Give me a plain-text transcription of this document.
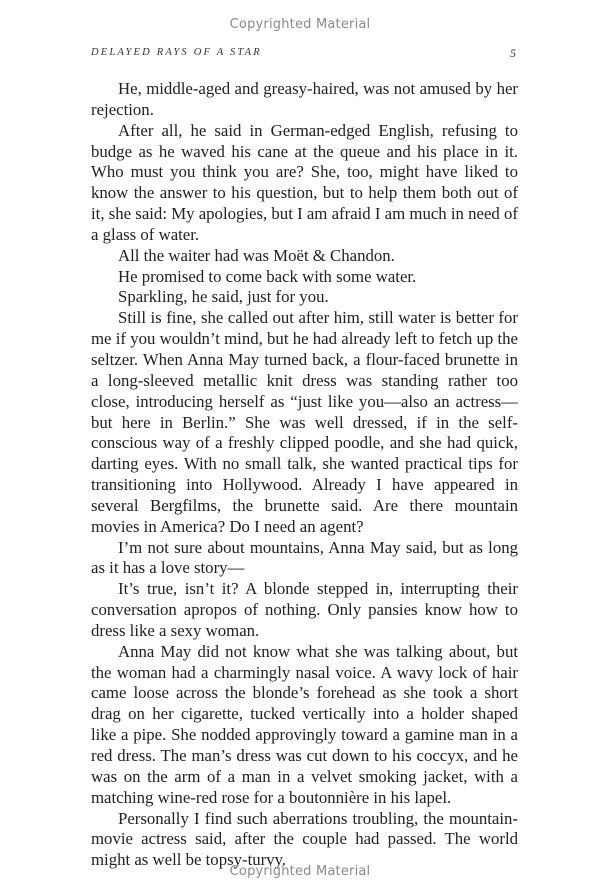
Copyrighted Material
DELAYED RAYS OF A STAR	5

He, middle-aged and greasy-haired, was not amused by her rejection.

After all, he said in German-edged English, refusing to budge as he waved his cane at the queue and his place in it. Who must you think you are? She, too, might have liked to know the answer to his question, but to help them both out of it, she said: My apologies, but I am afraid I am much in need of a glass of water.

All the waiter had was Moët & Chandon.

He promised to come back with some water.

Sparkling, he said, just for you.

Still is fine, she called out after him, still water is better for me if you wouldn’t mind, but he had already left to fetch up the seltzer. When Anna May turned back, a flour-faced brunette in a long-sleeved metallic knit dress was standing rather too close, introducing herself as “just like you—also an actress—but here in Berlin.” She was well dressed, if in the self-conscious way of a freshly clipped poodle, and she had quick, darting eyes. With no small talk, she wanted practical tips for transitioning into Hollywood. Already I have appeared in several Bergfilms, the brunette said. Are there mountain movies in America? Do I need an agent?

I’m not sure about mountains, Anna May said, but as long as it has a love story—

It’s true, isn’t it? A blonde stepped in, interrupting their conversation apropos of nothing. Only pansies know how to dress like a sexy woman.

Anna May did not know what she was talking about, but the woman had a charmingly nasal voice. A wavy lock of hair came loose across the blonde’s forehead as she took a short drag on her cigarette, tucked vertically into a holder shaped like a pipe. She nodded approvingly toward a gamine man in a red dress. The man’s dress was cut down to his coccyx, and he was on the arm of a man in a velvet smoking jacket, with a matching wine-red rose for a boutonnière in his lapel.

Personally I find such aberrations troubling, the mountain-movie actress said, after the couple had passed. The world might as well be topsy-turvy.

Copyrighted Material
